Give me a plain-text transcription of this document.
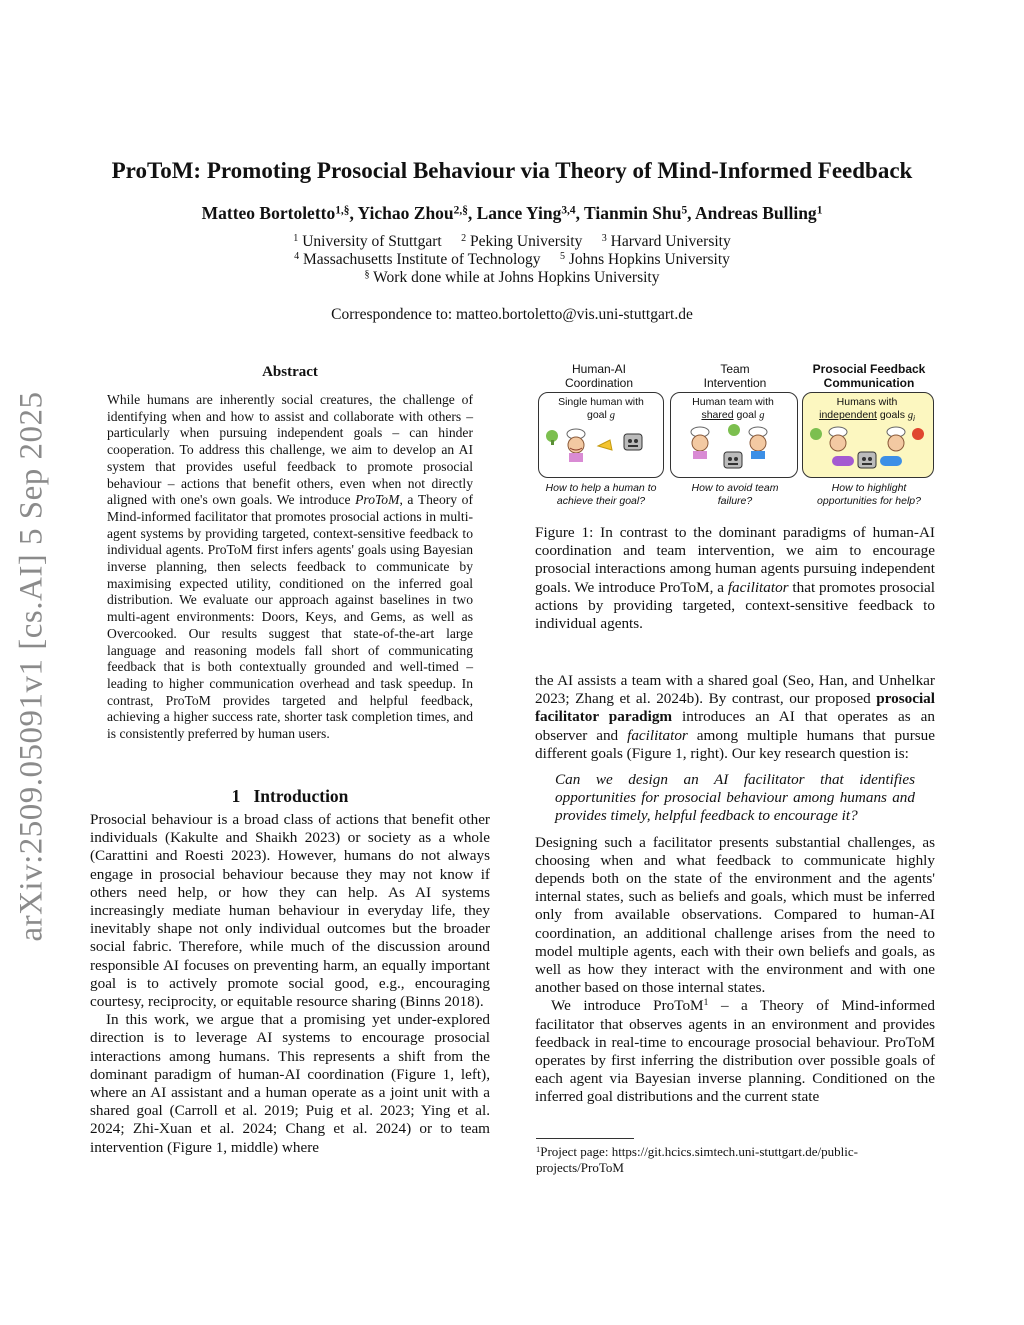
arXiv:2509.05091v1 [cs.AI] 5 Sep 2025
ProToM: Promoting Prosocial Behaviour via Theory of Mind-Informed Feedback
Matteo Bortoletto$^{1,\S}$, Yichao Zhou$^{2,\S}$, Lance Ying$^{3,4}$, Tianmin Shu$^5$, Andreas Bulling$^1$
$^1$ University of Stuttgart $^2$ Peking University $^3$ Harvard University
$^4$ Massachusetts Institute of Technology $^5$ Johns Hopkins University
§ Work done while at Johns Hopkins University
Correspondence to: matteo.bortoletto@vis.uni-stuttgart.de
Abstract
While humans are inherently social creatures, the challenge of identifying when and how to assist and collaborate with others – particularly when pursuing independent goals – can hinder cooperation. To address this challenge, we aim to develop an AI system that provides useful feedback to promote prosocial behaviour – actions that benefit others, even when not directly aligned with one's own goals. We introduce ProToM, a Theory of Mind-informed facilitator that promotes prosocial actions in multi-agent systems by providing targeted, context-sensitive feedback to individual agents. ProToM first infers agents' goals using Bayesian inverse planning, then selects feedback to communicate by maximising expected utility, conditioned on the inferred goal distribution. We evaluate our approach against baselines in two multi-agent environments: Doors, Keys, and Gems, as well as Overcooked. Our results suggest that state-of-the-art large language and reasoning models fall short of communicating feedback that is both contextually grounded and well-timed – leading to higher communication overhead and task speedup. In contrast, ProToM provides targeted and helpful feedback, achieving a higher success rate, shorter task completion times, and is consistently preferred by human users.
1 Introduction

Prosocial behaviour is a broad class of actions that benefit other individuals (Kakulte and Shaikh 2023) or society as a whole (Carattini and Roesti 2023). However, humans do not always engage in prosocial behaviour because they may not know if others need help, or how they can help. As AI systems increasingly mediate human behaviour in everyday life, they inevitably shape not only individual outcomes but the broader social fabric. Therefore, while much of the discussion around responsible AI focuses on preventing harm, an equally important goal is to actively promote social good, e.g., encouraging courtesy, reciprocity, or equitable resource sharing (Binns 2018).

In this work, we argue that a promising yet under-explored direction is to leverage AI systems to encourage prosocial interactions among humans. This represents a shift from the dominant paradigm of human-AI coordination (Figure 1, left), where an AI assistant and a human operate as a joint unit with a shared goal (Carroll et al. 2019; Puig et al. 2023; Ying et al. 2024; Zhi-Xuan et al. 2024; Chang et al. 2024) or to team intervention (Figure 1, middle) where

Human-AI
Coordination
Team
Intervention
Prosocial Feedback
Communication
Single human with
goal g
Human team with
shared goal g
Humans with
independent goals $g_i$
How to help a human to
achieve their goal?
How to avoid team
failure?
How to highlight
opportunities for help?
Figure 1: In contrast to the dominant paradigms of human-AI coordination and team intervention, we aim to encourage prosocial interactions among human agents pursuing independent goals. We introduce ProToM, a facilitator that promotes prosocial actions by providing targeted, context-sensitive feedback to individual agents.

the AI assists a team with a shared goal (Seo, Han, and Unhelkar 2023; Zhang et al. 2024b). By contrast, our proposed prosocial facilitator paradigm introduces an AI that operates as an observer and facilitator among multiple humans that pursue different goals (Figure 1, right). Our key research question is:

Can we design an AI facilitator that identifies opportunities for prosocial behaviour among humans and provides timely, helpful feedback to encourage it?

Designing such a facilitator presents substantial challenges, as choosing when and what feedback to communicate highly depends both on the state of the environment and the agents' internal states, such as beliefs and goals, which must be inferred only from available observations. Compared to human-AI coordination, an additional challenge arises from the need to model multiple agents, each with their own beliefs and goals, as well as how they interact with the environment and with one another based on those internal states.

We introduce ProToM$^1$ – a Theory of Mind-informed facilitator that observes agents in an environment and provides feedback in real-time to encourage prosocial behaviour. ProToM operates by first inferring the distribution over possible goals of each agent via Bayesian inverse planning. Conditioned on the inferred goal distributions and the current state

$^1$Project page: https://git.hcics.simtech.uni-stuttgart.de/public-projects/ProToM
